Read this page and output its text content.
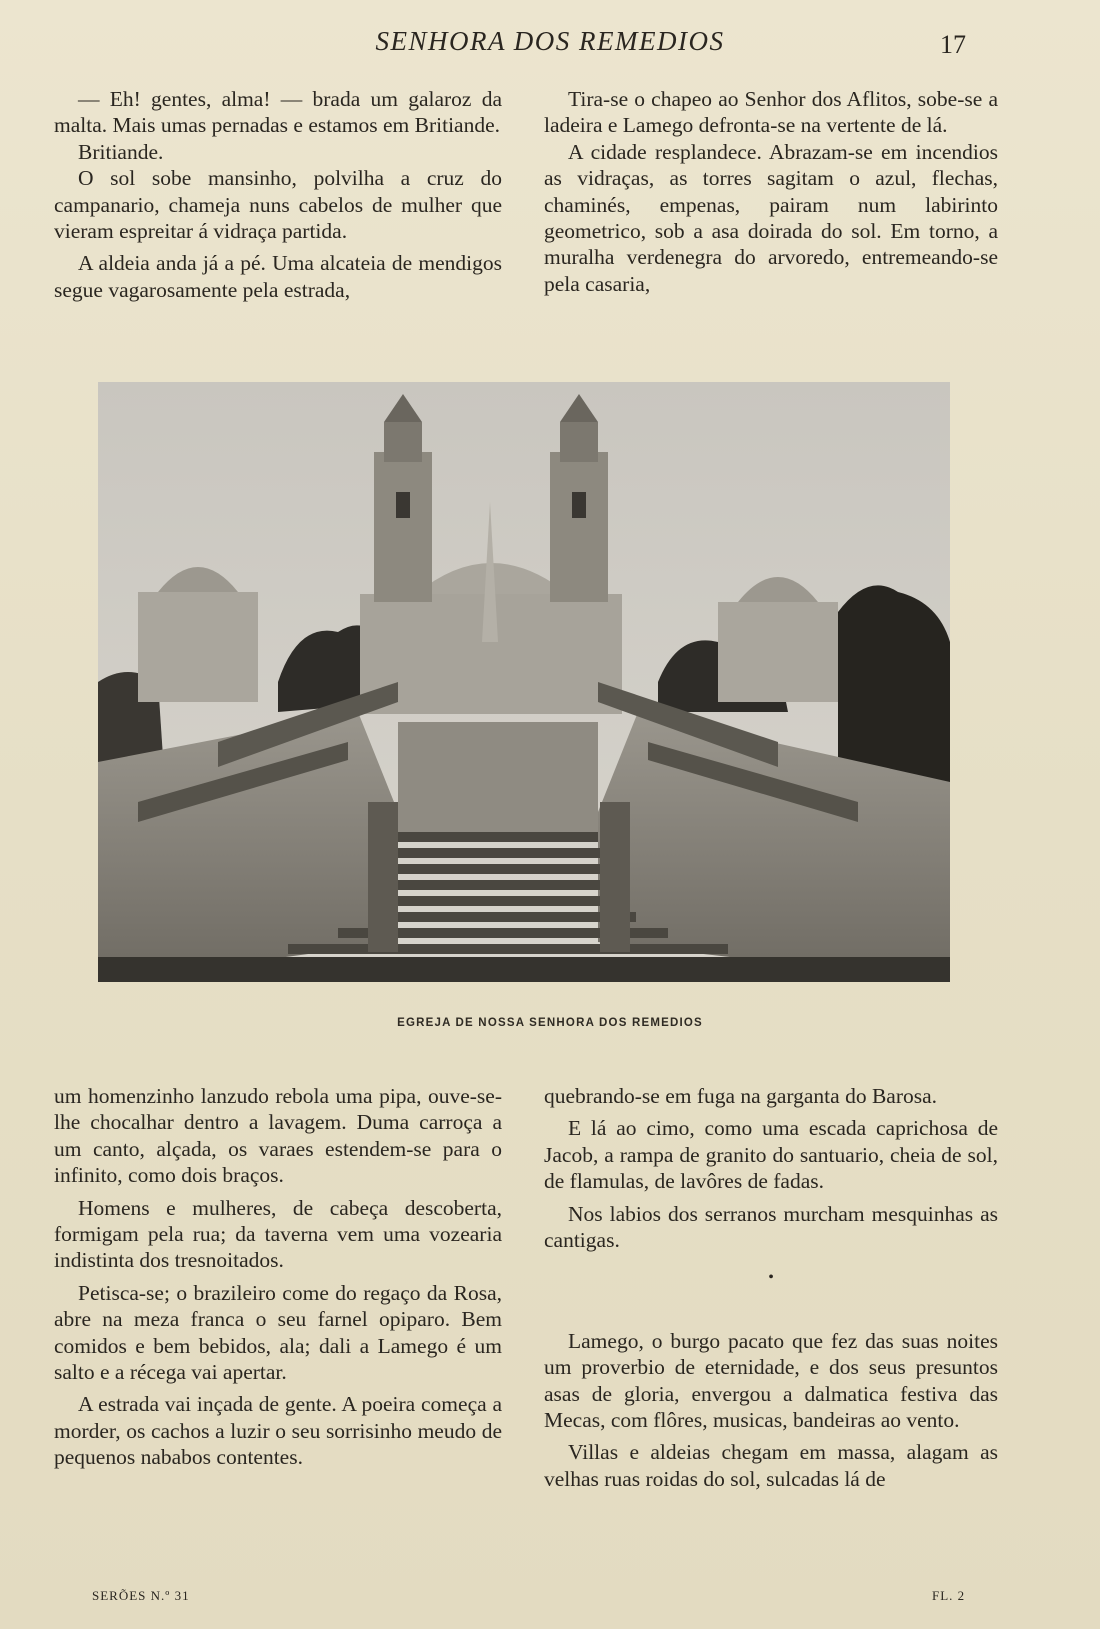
SENHORA DOS REMEDIOS	17

— Eh! gentes, alma! — brada um galaroz da malta. Mais umas pernadas e estamos em Britiande.

Britiande.

O sol sobe mansinho, polvilha a cruz do campanario, chameja nuns cabelos de mulher que vieram espreitar á vidraça partida.

A aldeia anda já a pé. Uma alcateia de mendigos segue vagarosamente pela estrada,

Tira-se o chapeo ao Senhor dos Aflitos, sobe-se a ladeira e Lamego defronta-se na vertente de lá.

A cidade resplandece. Abrazam-se em incendios as vidraças, as torres sagitam o azul, flechas, chaminés, empenas, pairam num labirinto geometrico, sob a asa doirada do sol. Em torno, a muralha verdenegra do arvoredo, entremeando-se pela casaria,

EGREJA DE NOSSA SENHORA DOS REMEDIOS

um homenzinho lanzudo rebola uma pipa, ouve-se-lhe chocalhar dentro a lavagem. Duma carroça a um canto, alçada, os varaes estendem-se para o infinito, como dois braços.

Homens e mulheres, de cabeça descoberta, formigam pela rua; da taverna vem uma vozearia indistinta dos tresnoitados.

Petisca-se; o brazileiro come do regaço da Rosa, abre na meza franca o seu farnel opiparo. Bem comidos e bem bebidos, ala; dali a Lamego é um salto e a récega vai apertar.

A estrada vai inçada de gente. A poeira começa a morder, os cachos a luzir o seu sorrisinho meudo de pequenos nababos contentes.

quebrando-se em fuga na garganta do Barosa.

E lá ao cimo, como uma escada caprichosa de Jacob, a rampa de granito do santuario, cheia de sol, de flamulas, de lavôres de fadas.

Nos labios dos serranos murcham mesquinhas as cantigas.

•

Lamego, o burgo pacato que fez das suas noites um proverbio de eternidade, e dos seus presuntos asas de gloria, envergou a dalmatica festiva das Mecas, com flôres, musicas, bandeiras ao vento.

Villas e aldeias chegam em massa, alagam as velhas ruas roidas do sol, sulcadas lá de

SERÕES N.º 31	FL. 2
